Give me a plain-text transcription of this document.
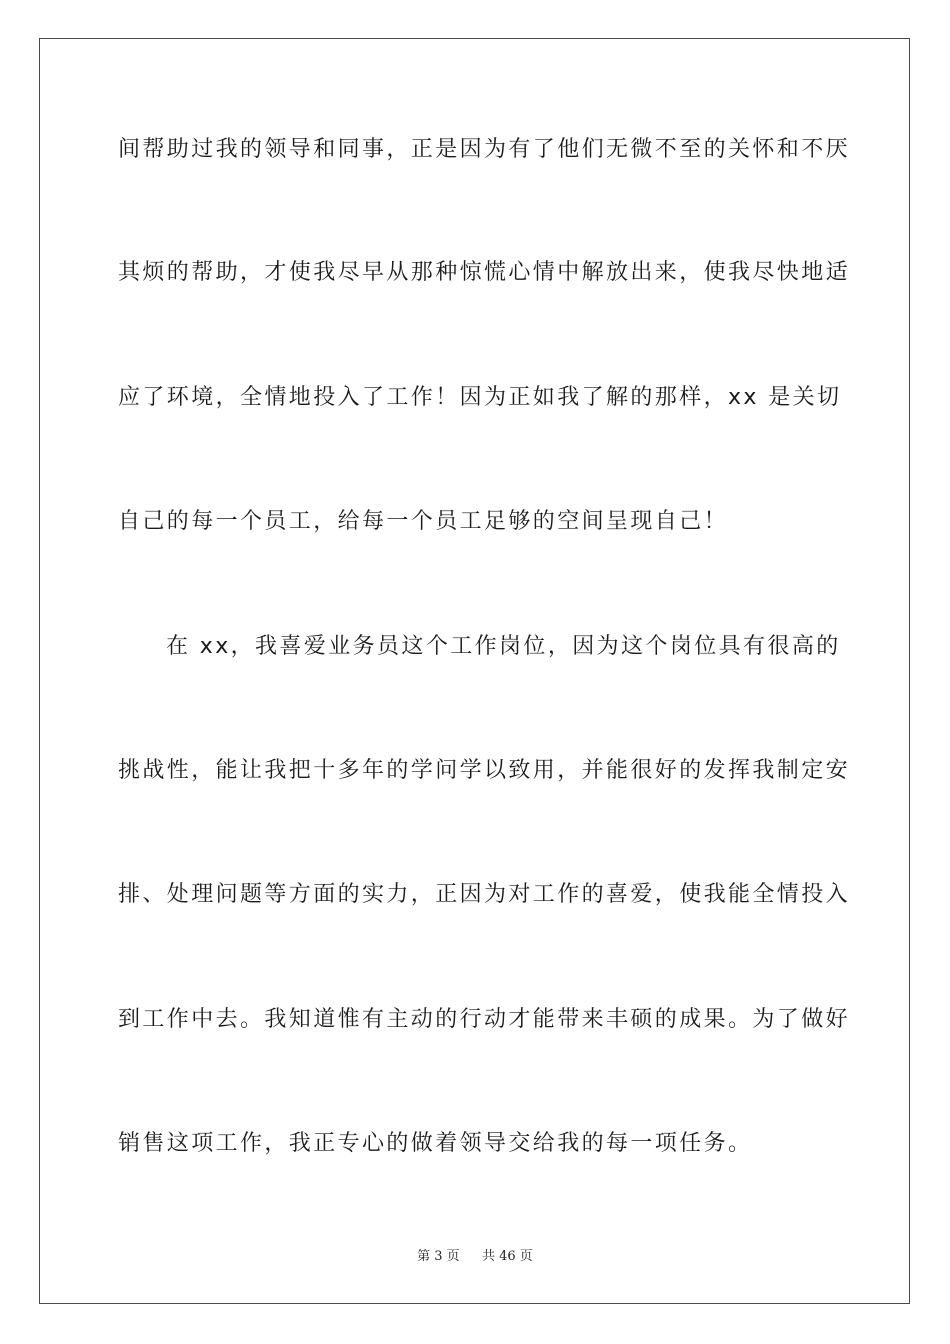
间帮助过我的领导和同事，正是因为有了他们无微不至的关怀和不厌
其烦的帮助，才使我尽早从那种惊慌心情中解放出来，使我尽快地适
应了环境，全情地投入了工作！因为正如我了解的那样，xx 是关切
自己的每一个员工，给每一个员工足够的空间呈现自己！
在 xx，我喜爱业务员这个工作岗位，因为这个岗位具有很高的
挑战性，能让我把十多年的学问学以致用，并能很好的发挥我制定安
排、处理问题等方面的实力，正因为对工作的喜爱，使我能全情投入
到工作中去。我知道惟有主动的行动才能带来丰硕的成果。为了做好
销售这项工作，我正专心的做着领导交给我的每一项任务。
第 3 页 共 46 页
